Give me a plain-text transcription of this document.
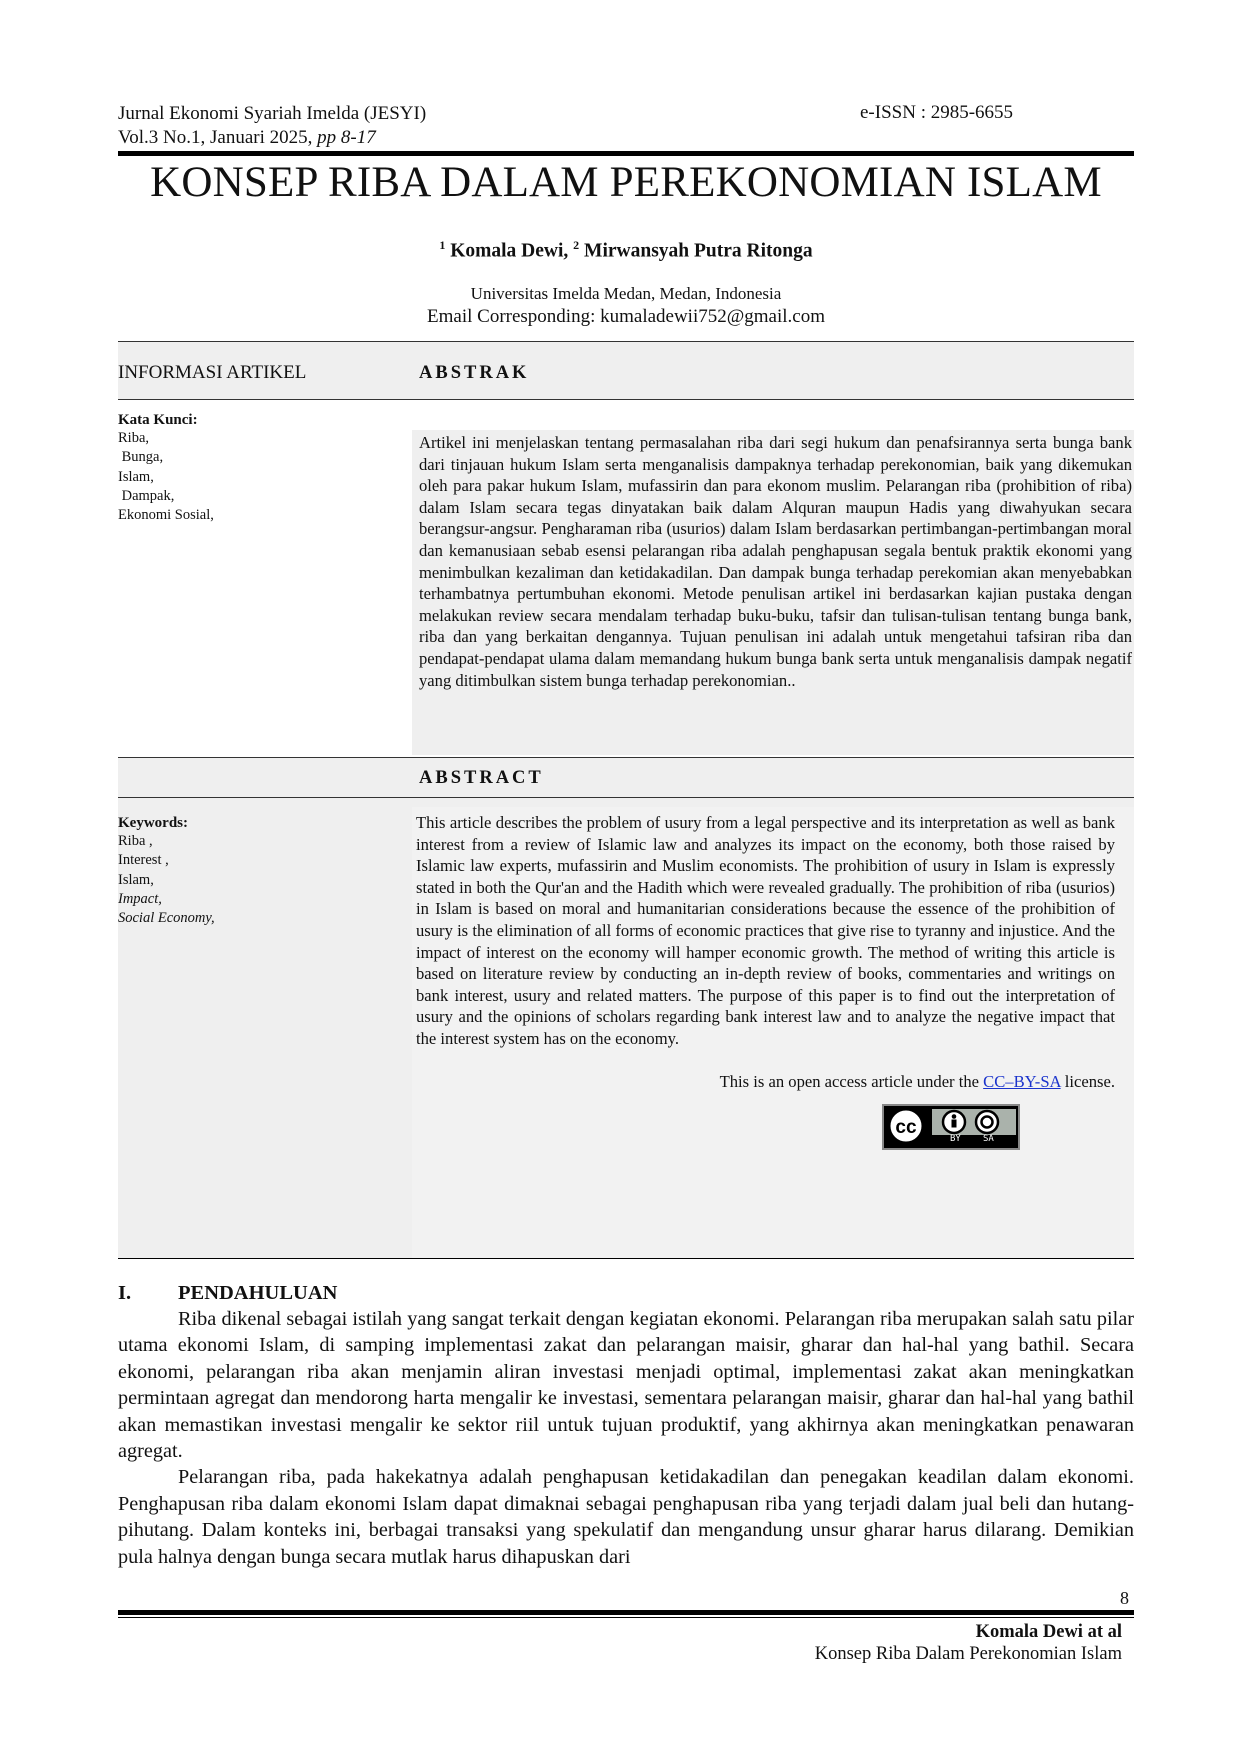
Jurnal Ekonomi Syariah Imelda (JESYI)
Vol.3 No.1, Januari 2025, pp 8-17
e-ISSN : 2985-6655
KONSEP RIBA DALAM PEREKONOMIAN ISLAM
$^1$ Komala Dewi, $^2$ Mirwansyah Putra Ritonga
Universitas Imelda Medan, Medan, Indonesia
Email Corresponding: kumaladewii752@gmail.com
INFORMASI ARTIKEL	ABSTRAK
Kata Kunci:
Riba,
Bunga,
Islam,
Dampak,
Ekonomi Sosial,
Artikel ini menjelaskan tentang permasalahan riba dari segi hukum dan penafsirannya serta bunga bank dari tinjauan hukum Islam serta menganalisis dampaknya terhadap perekonomian, baik yang dikemukan oleh para pakar hukum Islam, mufassirin dan para ekonom muslim. Pelarangan riba (prohibition of riba) dalam Islam secara tegas dinyatakan baik dalam Alquran maupun Hadis yang diwahyukan secara berangsur-angsur. Pengharaman riba (usurios) dalam Islam berdasarkan pertimbangan-pertimbangan moral dan kemanusiaan sebab esensi pelarangan riba adalah penghapusan segala bentuk praktik ekonomi yang menimbulkan kezaliman dan ketidakadilan. Dan dampak bunga terhadap perekomian akan menyebabkan terhambatnya pertumbuhan ekonomi. Metode penulisan artikel ini berdasarkan kajian pustaka dengan melakukan review secara mendalam terhadap buku-buku, tafsir dan tulisan-tulisan tentang bunga bank, riba dan yang berkaitan dengannya. Tujuan penulisan ini adalah untuk mengetahui tafsiran riba dan pendapat-pendapat ulama dalam memandang hukum bunga bank serta untuk menganalisis dampak negatif yang ditimbulkan sistem bunga terhadap perekonomian..
ABSTRACT
Keywords:
Riba ,
Interest ,
Islam,
Impact,
Social Economy,
This article describes the problem of usury from a legal perspective and its interpretation as well as bank interest from a review of Islamic law and analyzes its impact on the economy, both those raised by Islamic law experts, mufassirin and Muslim economists. The prohibition of usury in Islam is expressly stated in both the Qur'an and the Hadith which were revealed gradually. The prohibition of riba (usurios) in Islam is based on moral and humanitarian considerations because the essence of the prohibition of usury is the elimination of all forms of economic practices that give rise to tyranny and injustice. And the impact of interest on the economy will hamper economic growth. The method of writing this article is based on literature review by conducting an in-depth review of books, commentaries and writings on bank interest, usury and related matters. The purpose of this paper is to find out the interpretation of usury and the opinions of scholars regarding bank interest law and to analyze the negative impact that the interest system has on the economy.
This is an open access article under the CC–BY-SA license.
cc
BY SA
I. PENDAHULUAN

Riba dikenal sebagai istilah yang sangat terkait dengan kegiatan ekonomi. Pelarangan riba merupakan salah satu pilar utama ekonomi Islam, di samping implementasi zakat dan pelarangan maisir, gharar dan hal-hal yang bathil. Secara ekonomi, pelarangan riba akan menjamin aliran investasi menjadi optimal, implementasi zakat akan meningkatkan permintaan agregat dan mendorong harta mengalir ke investasi, sementara pelarangan maisir, gharar dan hal-hal yang bathil akan memastikan investasi mengalir ke sektor riil untuk tujuan produktif, yang akhirnya akan meningkatkan penawaran agregat.

Pelarangan riba, pada hakekatnya adalah penghapusan ketidakadilan dan penegakan keadilan dalam ekonomi. Penghapusan riba dalam ekonomi Islam dapat dimaknai sebagai penghapusan riba yang terjadi dalam jual beli dan hutang-pihutang. Dalam konteks ini, berbagai transaksi yang spekulatif dan mengandung unsur gharar harus dilarang. Demikian pula halnya dengan bunga secara mutlak harus dihapuskan dari

8
Komala Dewi at al
Konsep Riba Dalam Perekonomian Islam
